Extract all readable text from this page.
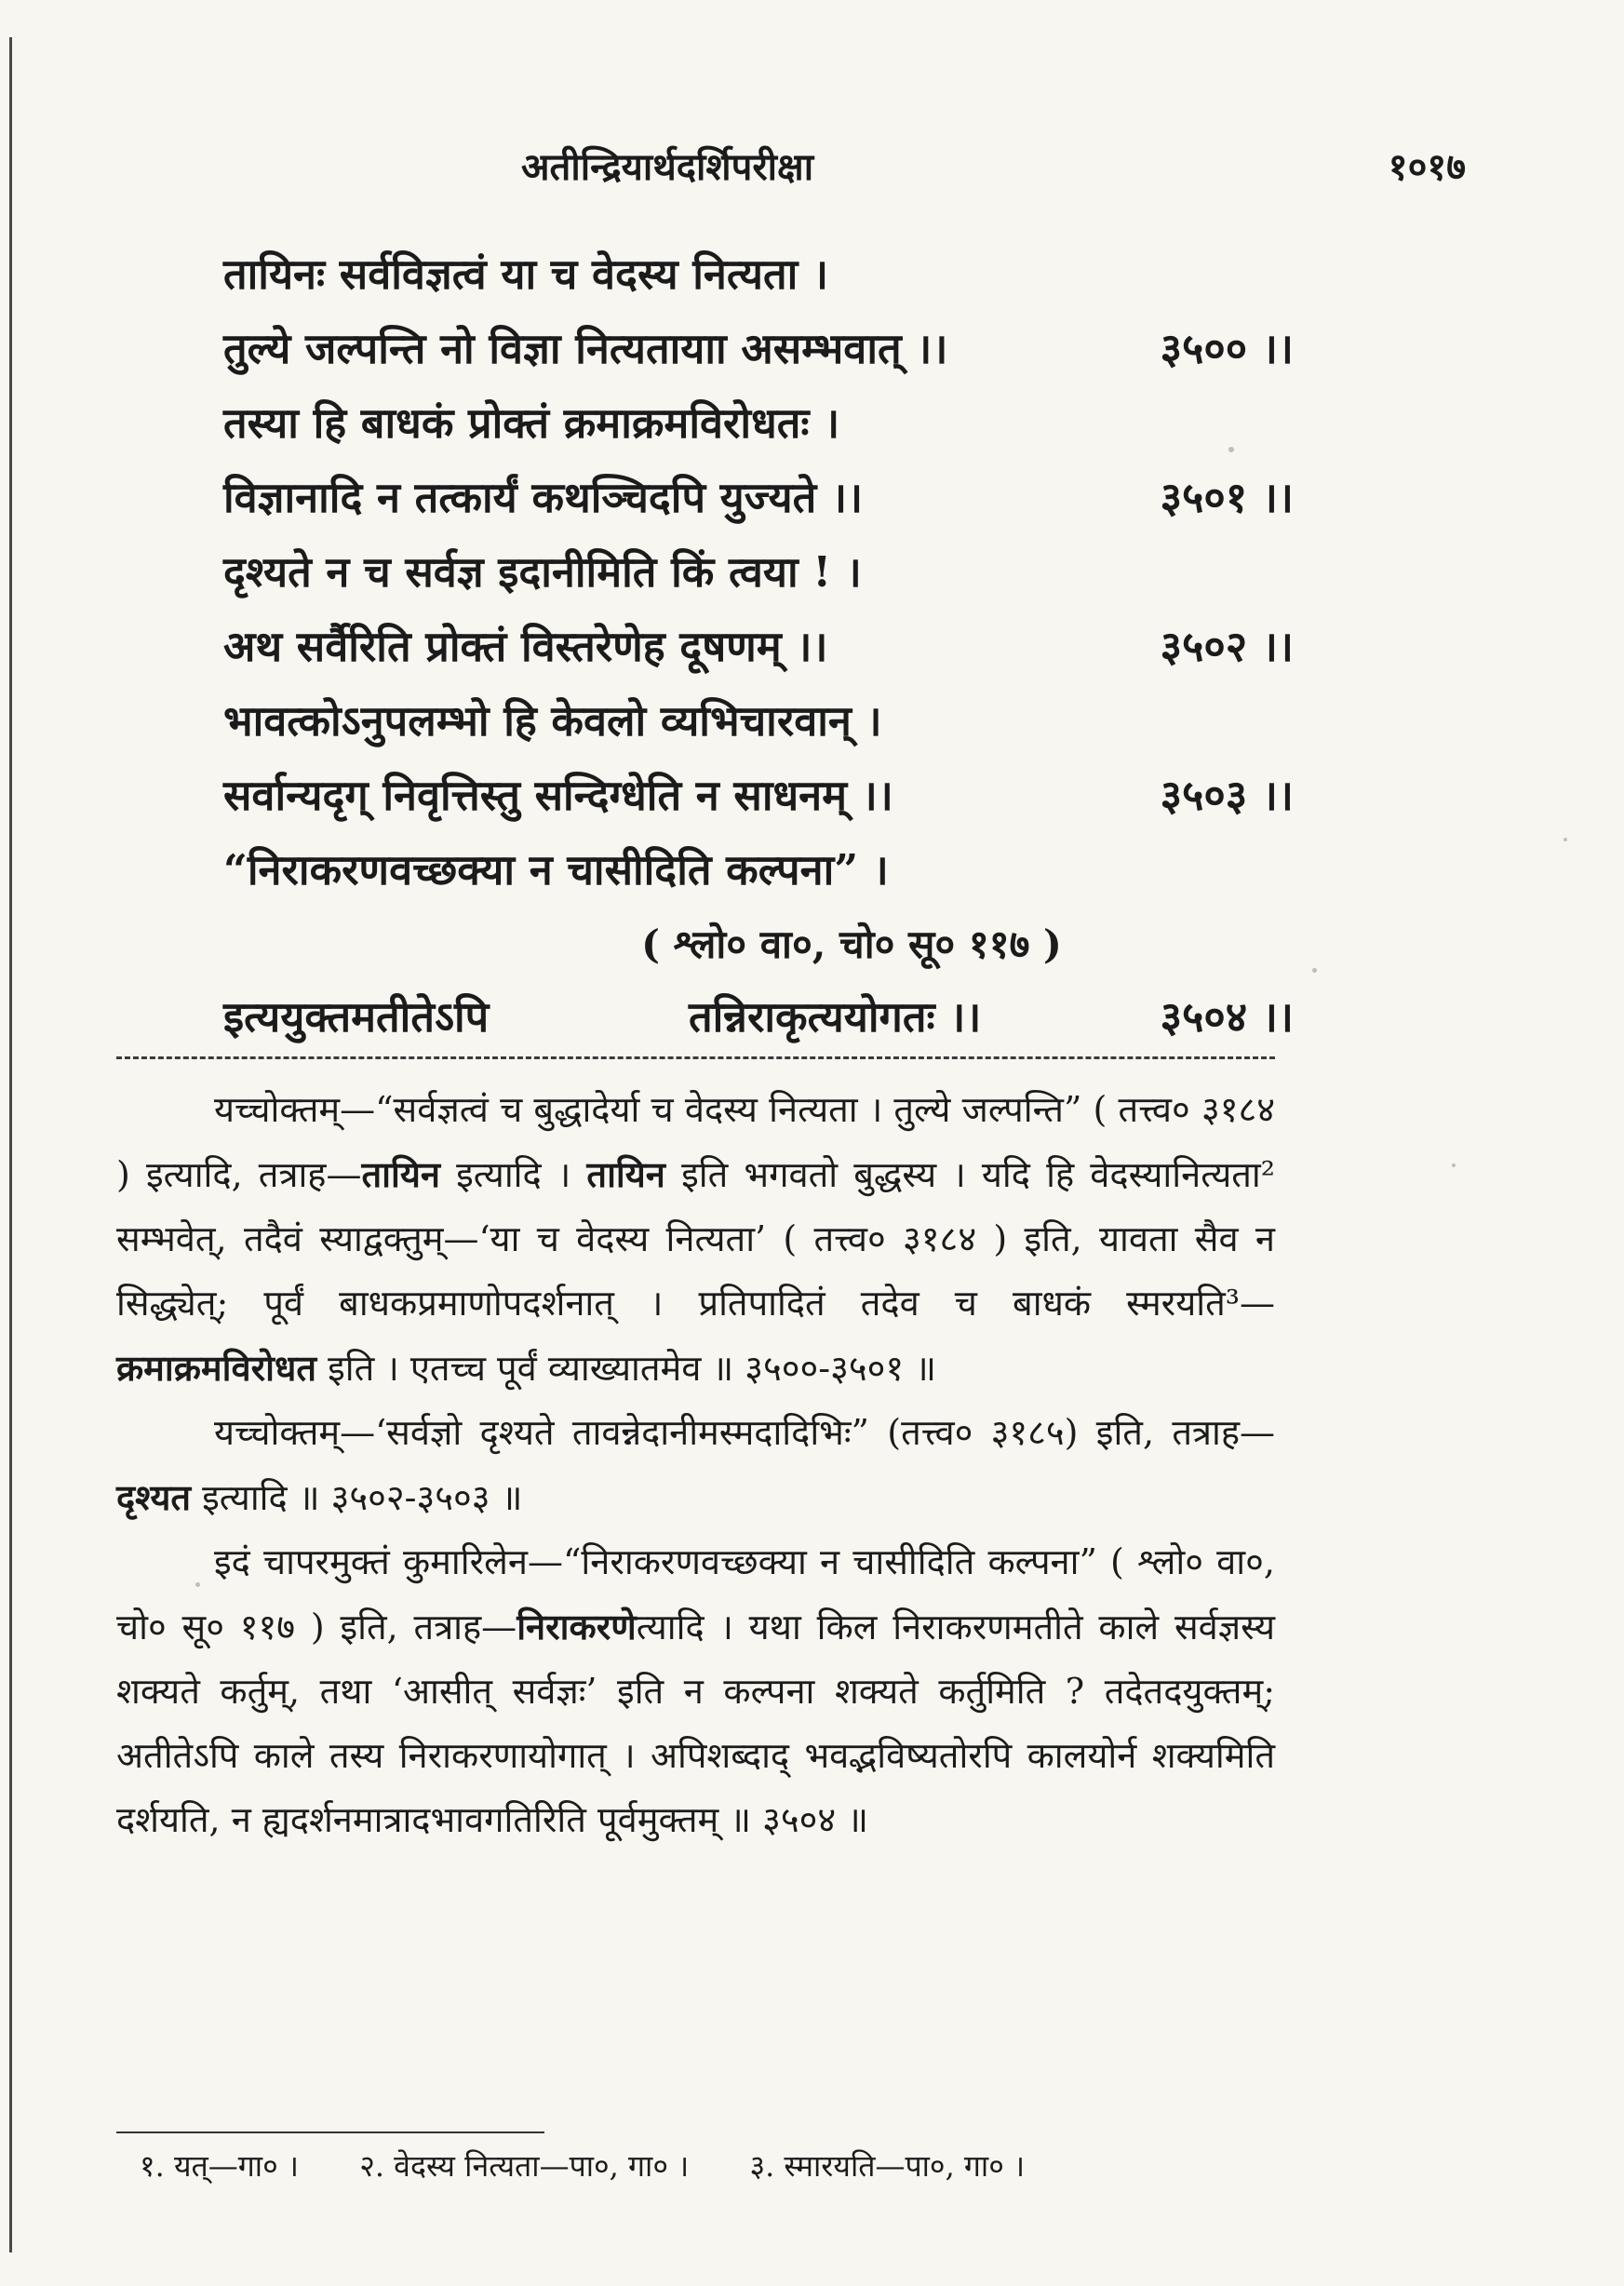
अतीन्द्रियार्थदर्शिपरीक्षा	१०१७
तायिनः सर्वविज्ञत्वं या च वेदस्य नित्यता ।
तुल्ये जल्पन्ति नो विज्ञा नित्यतायाा असम्भवात् ।।	३५०० ।।
तस्या हि बाधकं प्रोक्तं क्रमाक्रमविरोधतः ।
विज्ञानादि न तत्कार्यं कथञ्चिदपि युज्यते ।।	३५०१ ।।
दृश्यते न च सर्वज्ञ इदानीमिति किं त्वया ! ।
अथ सर्वैरिति प्रोक्तं विस्तरेणेह दूषणम् ।।	३५०२ ।।
भावत्कोऽनुपलम्भो हि केवलो व्यभिचारवान् ।
सर्वान्यदृग् निवृत्तिस्तु सन्दिग्धेति न साधनम् ।।	३५०३ ।।
“निराकरणवच्छक्या न चासीदिति कल्पना” ।
( श्लो० वा०, चो० सू० ११७ )
इत्ययुक्तमतीतेऽपि	तन्निराकृत्ययोगतः ।।	३५०४ ।।

यच्चोक्तम्—“सर्वज्ञत्वं च बुद्धादेर्या च वेदस्य नित्यता । तुल्ये जल्पन्ति” ( तत्त्व० ३१८४ ) इत्यादि, तत्राह—तायिन इत्यादि । तायिन इति भगवतो बुद्धस्य । यदि हि वेदस्यानित्यता² सम्भवेत्, तदैवं स्याद्वक्तुम्—‘या च वेदस्य नित्यता’ ( तत्त्व० ३१८४ ) इति, यावता सैव न सिद्ध्येत्; पूर्वं बाधकप्रमाणोपदर्शनात् । प्रतिपादितं तदेव च बाधकं स्मरयति³—क्रमाक्रमविरोधत इति । एतच्च पूर्वं व्याख्यातमेव ॥ ३५००-३५०१ ॥

यच्चोक्तम्—‘सर्वज्ञो दृश्यते तावन्नेदानीमस्मदादिभिः” (तत्त्व० ३१८५) इति, तत्राह—दृश्यत इत्यादि ॥ ३५०२-३५०३ ॥

इदं चापरमुक्तं कुमारिलेन—“निराकरणवच्छक्या न चासीदिति कल्पना” ( श्लो० वा०, चो० सू० ११७ ) इति, तत्राह—निराकरणेत्यादि । यथा किल निराकरणमतीते काले सर्वज्ञस्य शक्यते कर्तुम्, तथा ‘आसीत् सर्वज्ञः’ इति न कल्पना शक्यते कर्तुमिति ? तदेतदयुक्तम्; अतीतेऽपि काले तस्य निराकरणायोगात् । अपिशब्दाद् भवद्भविष्यतोरपि कालयोर्न शक्यमिति दर्शयति, न ह्यदर्शनमात्रादभावगतिरिति पूर्वमुक्तम् ॥ ३५०४ ॥

१. यत्—गा० । २. वेदस्य नित्यता—पा०, गा० । ३. स्मारयति—पा०, गा० ।
